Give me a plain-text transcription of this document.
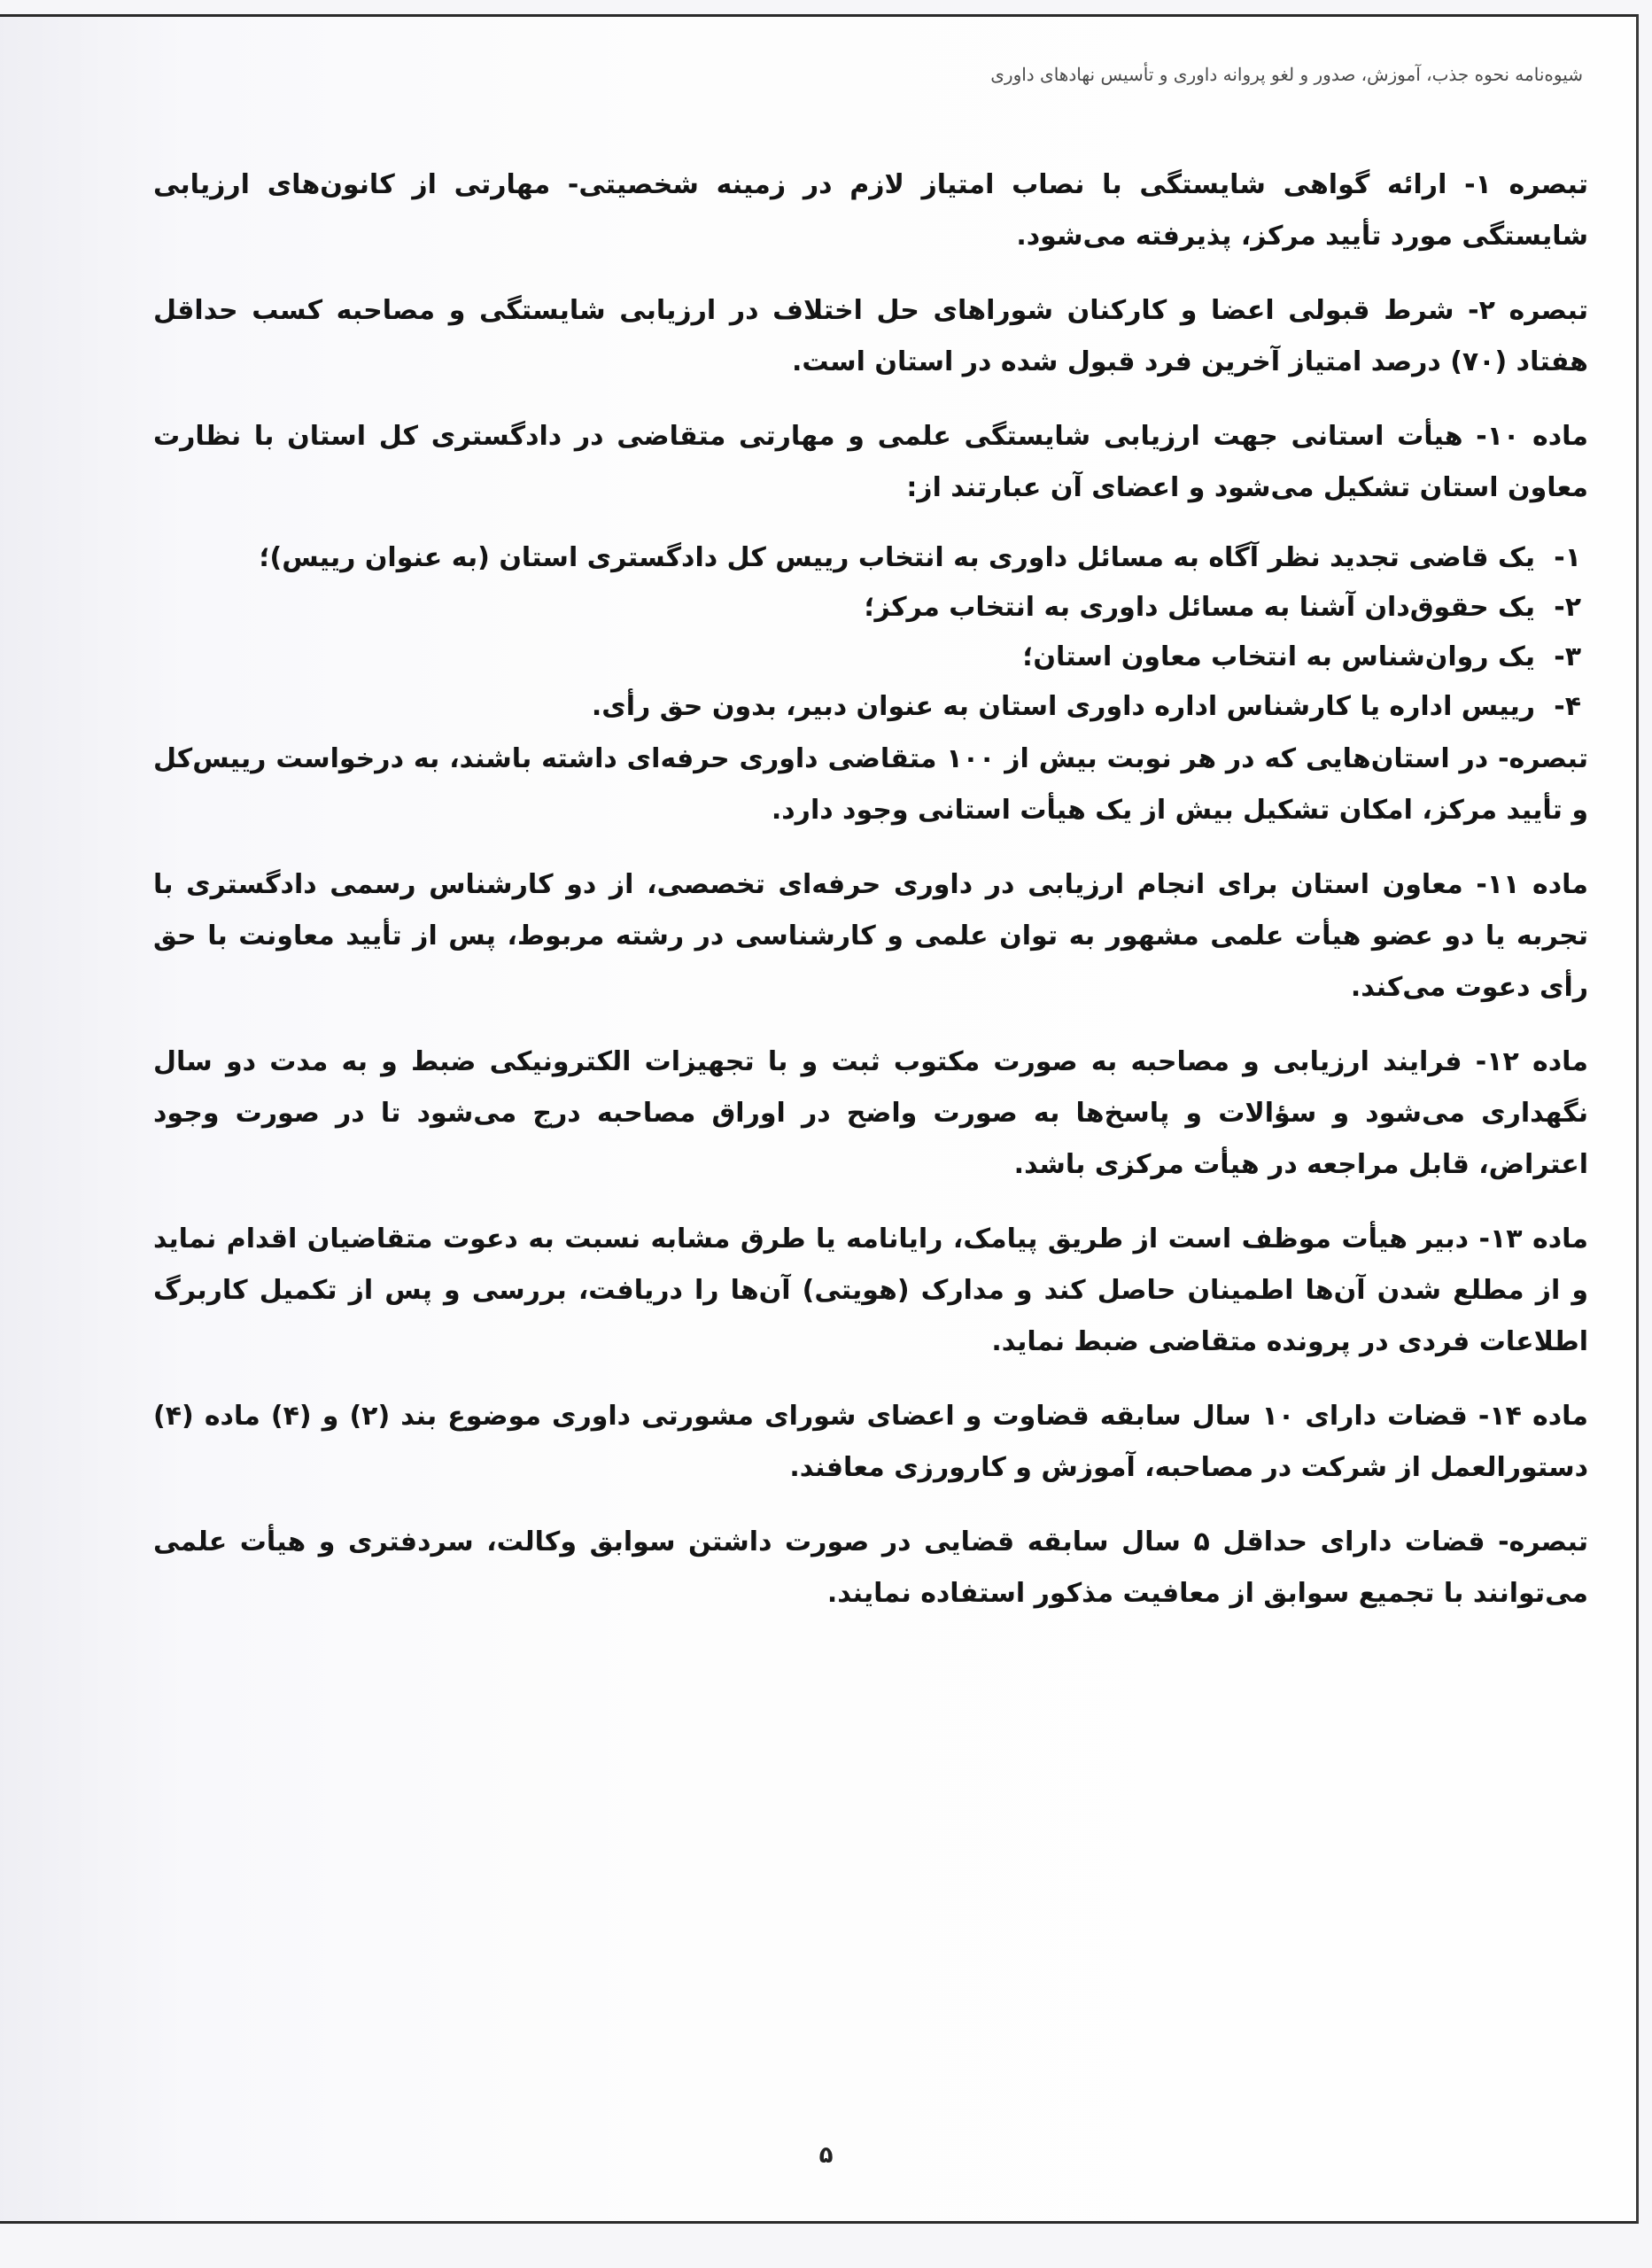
شیوه‌نامه نحوه جذب، آموزش، صدور و لغو پروانه داوری و تأسیس نهادهای داوری

تبصره ۱- ارائه گواهی شایستگی با نصاب امتیاز لازم در زمینه شخصیتی- مهارتی از کانون‌های ارزیابی شایستگی مورد تأیید مرکز، پذیرفته می‌شود.

تبصره ۲- شرط قبولی اعضا و کارکنان شوراهای حل اختلاف در ارزیابی شایستگی و مصاحبه کسب حداقل هفتاد (۷۰) درصد امتیاز آخرین فرد قبول شده در استان است.

ماده ۱۰- هیأت استانی جهت ارزیابی شایستگی علمی و مهارتی متقاضی در دادگستری کل استان با نظارت معاون استان تشکیل می‌شود و اعضای آن عبارتند از:

۱-
یک قاضی تجدید نظر آگاه به مسائل داوری به انتخاب رییس کل دادگستری استان (به عنوان رییس)؛
۲-
یک حقوق‌دان آشنا به مسائل داوری به انتخاب مرکز؛
۳-
یک روان‌شناس به انتخاب معاون استان؛
۴-
رییس اداره یا کارشناس اداره داوری استان به عنوان دبیر، بدون حق رأی.

تبصره- در استان‌هایی که در هر نوبت بیش از ۱۰۰ متقاضی داوری حرفه‌ای داشته باشند، به درخواست رییس‌کل و تأیید مرکز، امکان تشکیل بیش از یک هیأت استانی وجود دارد.

ماده ۱۱- معاون استان برای انجام ارزیابی در داوری حرفه‌ای تخصصی، از دو کارشناس رسمی دادگستری با تجربه یا دو عضو هیأت علمی مشهور به توان علمی و کارشناسی در رشته مربوط، پس از تأیید معاونت با حق رأی دعوت می‌کند.

ماده ۱۲- فرایند ارزیابی و مصاحبه به صورت مکتوب ثبت و با تجهیزات الکترونیکی ضبط و به مدت دو سال نگهداری می‌شود و سؤالات و پاسخ‌ها به صورت واضح در اوراق مصاحبه درج می‌شود تا در صورت وجود اعتراض، قابل مراجعه در هیأت مرکزی باشد.

ماده ۱۳- دبیر هیأت موظف است از طریق پیامک، رایانامه یا طرق مشابه نسبت به دعوت متقاضیان اقدام نماید و از مطلع شدن آن‌ها اطمینان حاصل کند و مدارک (هویتی) آن‌ها را دریافت، بررسی و پس از تکمیل کاربرگ اطلاعات فردی در پرونده متقاضی ضبط نماید.

ماده ۱۴- قضات دارای ۱۰ سال سابقه قضاوت و اعضای شورای مشورتی داوری موضوع بند (۲) و (۴) ماده (۴) دستورالعمل از شرکت در مصاحبه، آموزش و کارورزی معافند.

تبصره- قضات دارای حداقل ۵ سال سابقه قضایی در صورت داشتن سوابق وکالت، سردفتری و هیأت علمی می‌توانند با تجمیع سوابق از معافیت مذکور استفاده نمایند.

۵
